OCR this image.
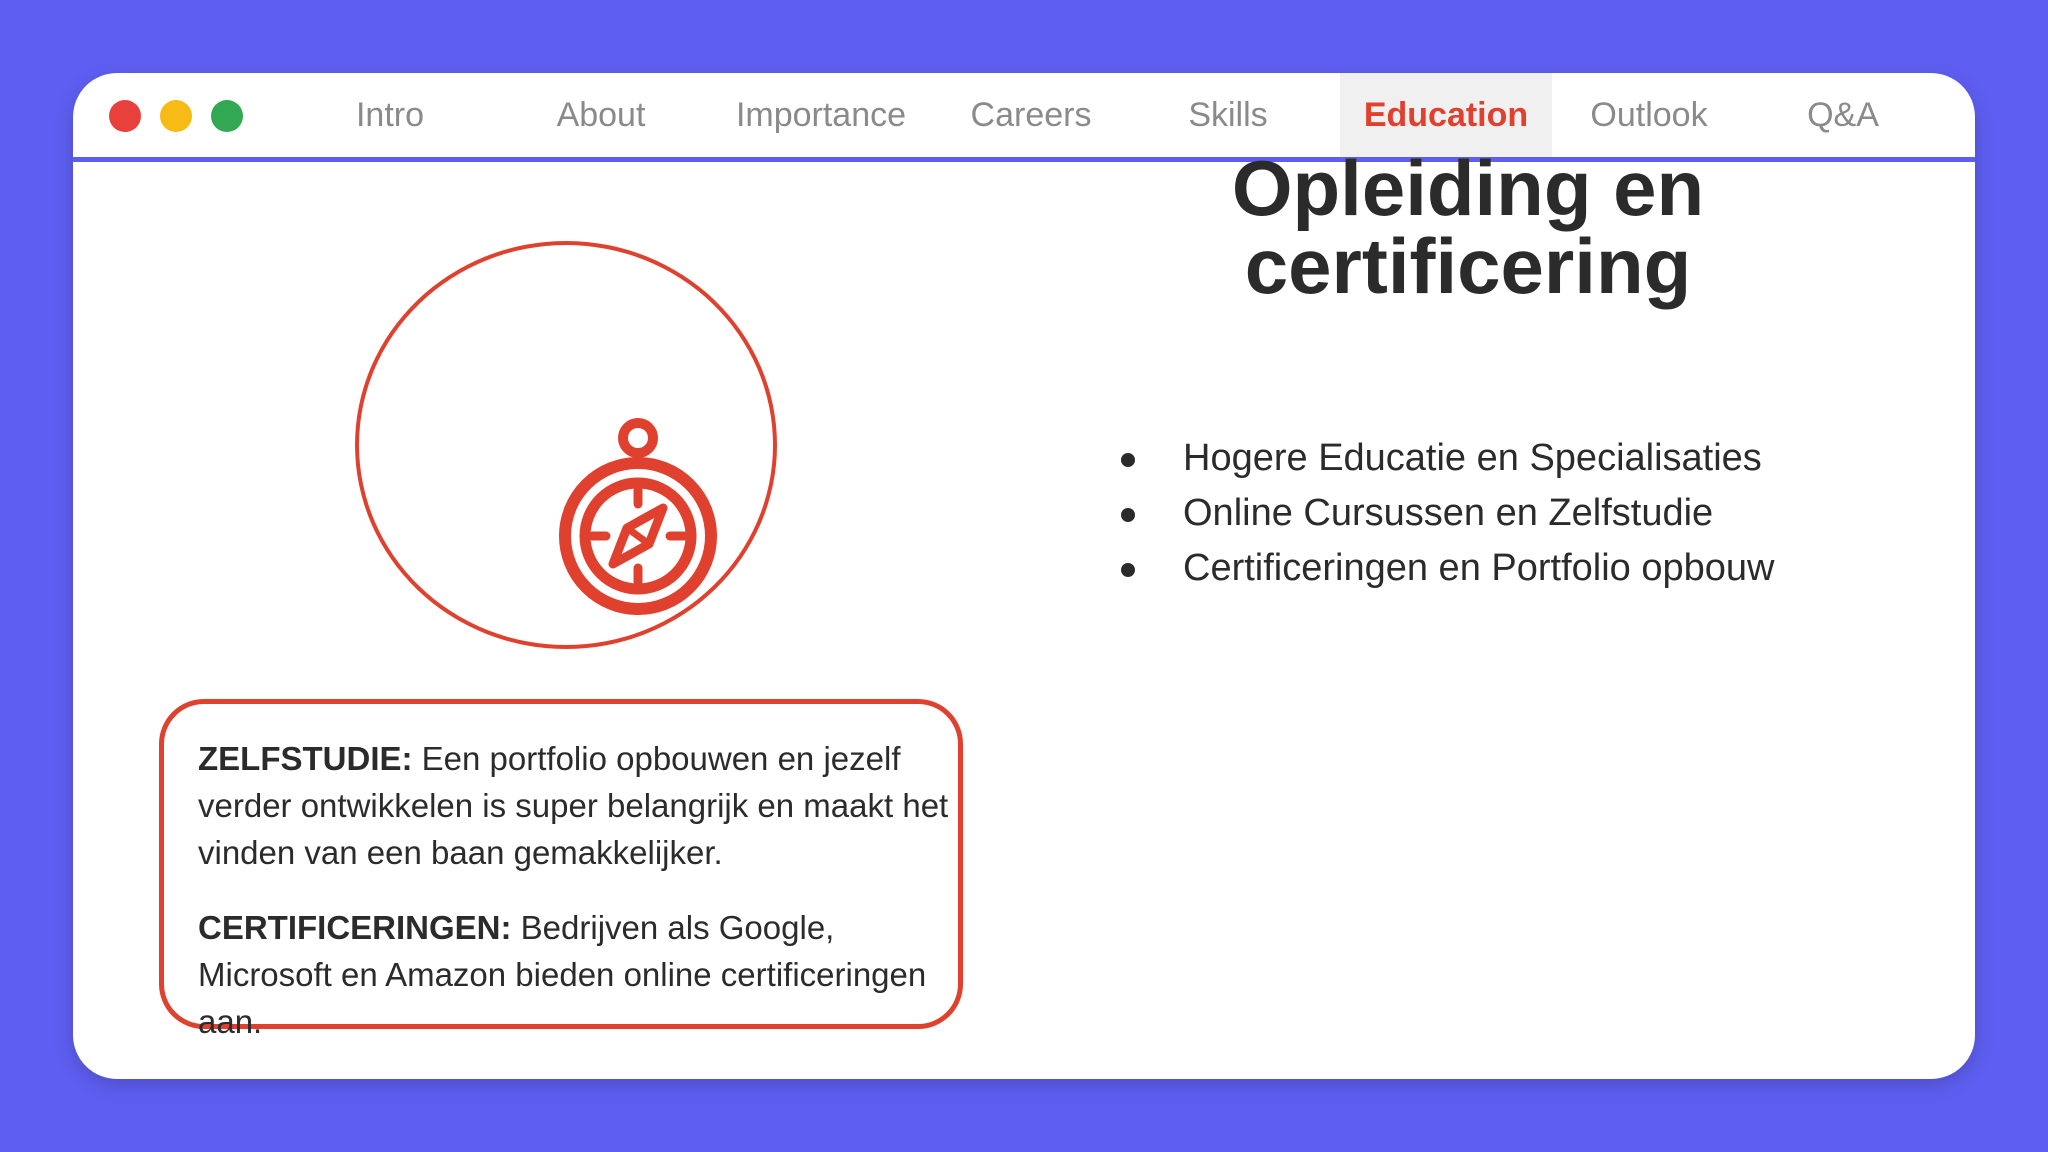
Intro	About	Importance	Careers	Skills	Education	Outlook	Q&A
Opleiding en
certificering
Hogere Educatie en Specialisaties
Online Cursussen en Zelfstudie
Certificeringen en Portfolio opbouw

ZELFSTUDIE: Een portfolio opbouwen en jezelf verder ontwikkelen is super belangrijk en maakt het vinden van een baan gemakkelijker.

CERTIFICERINGEN: Bedrijven als Google, Microsoft en Amazon bieden online certificeringen aan.
